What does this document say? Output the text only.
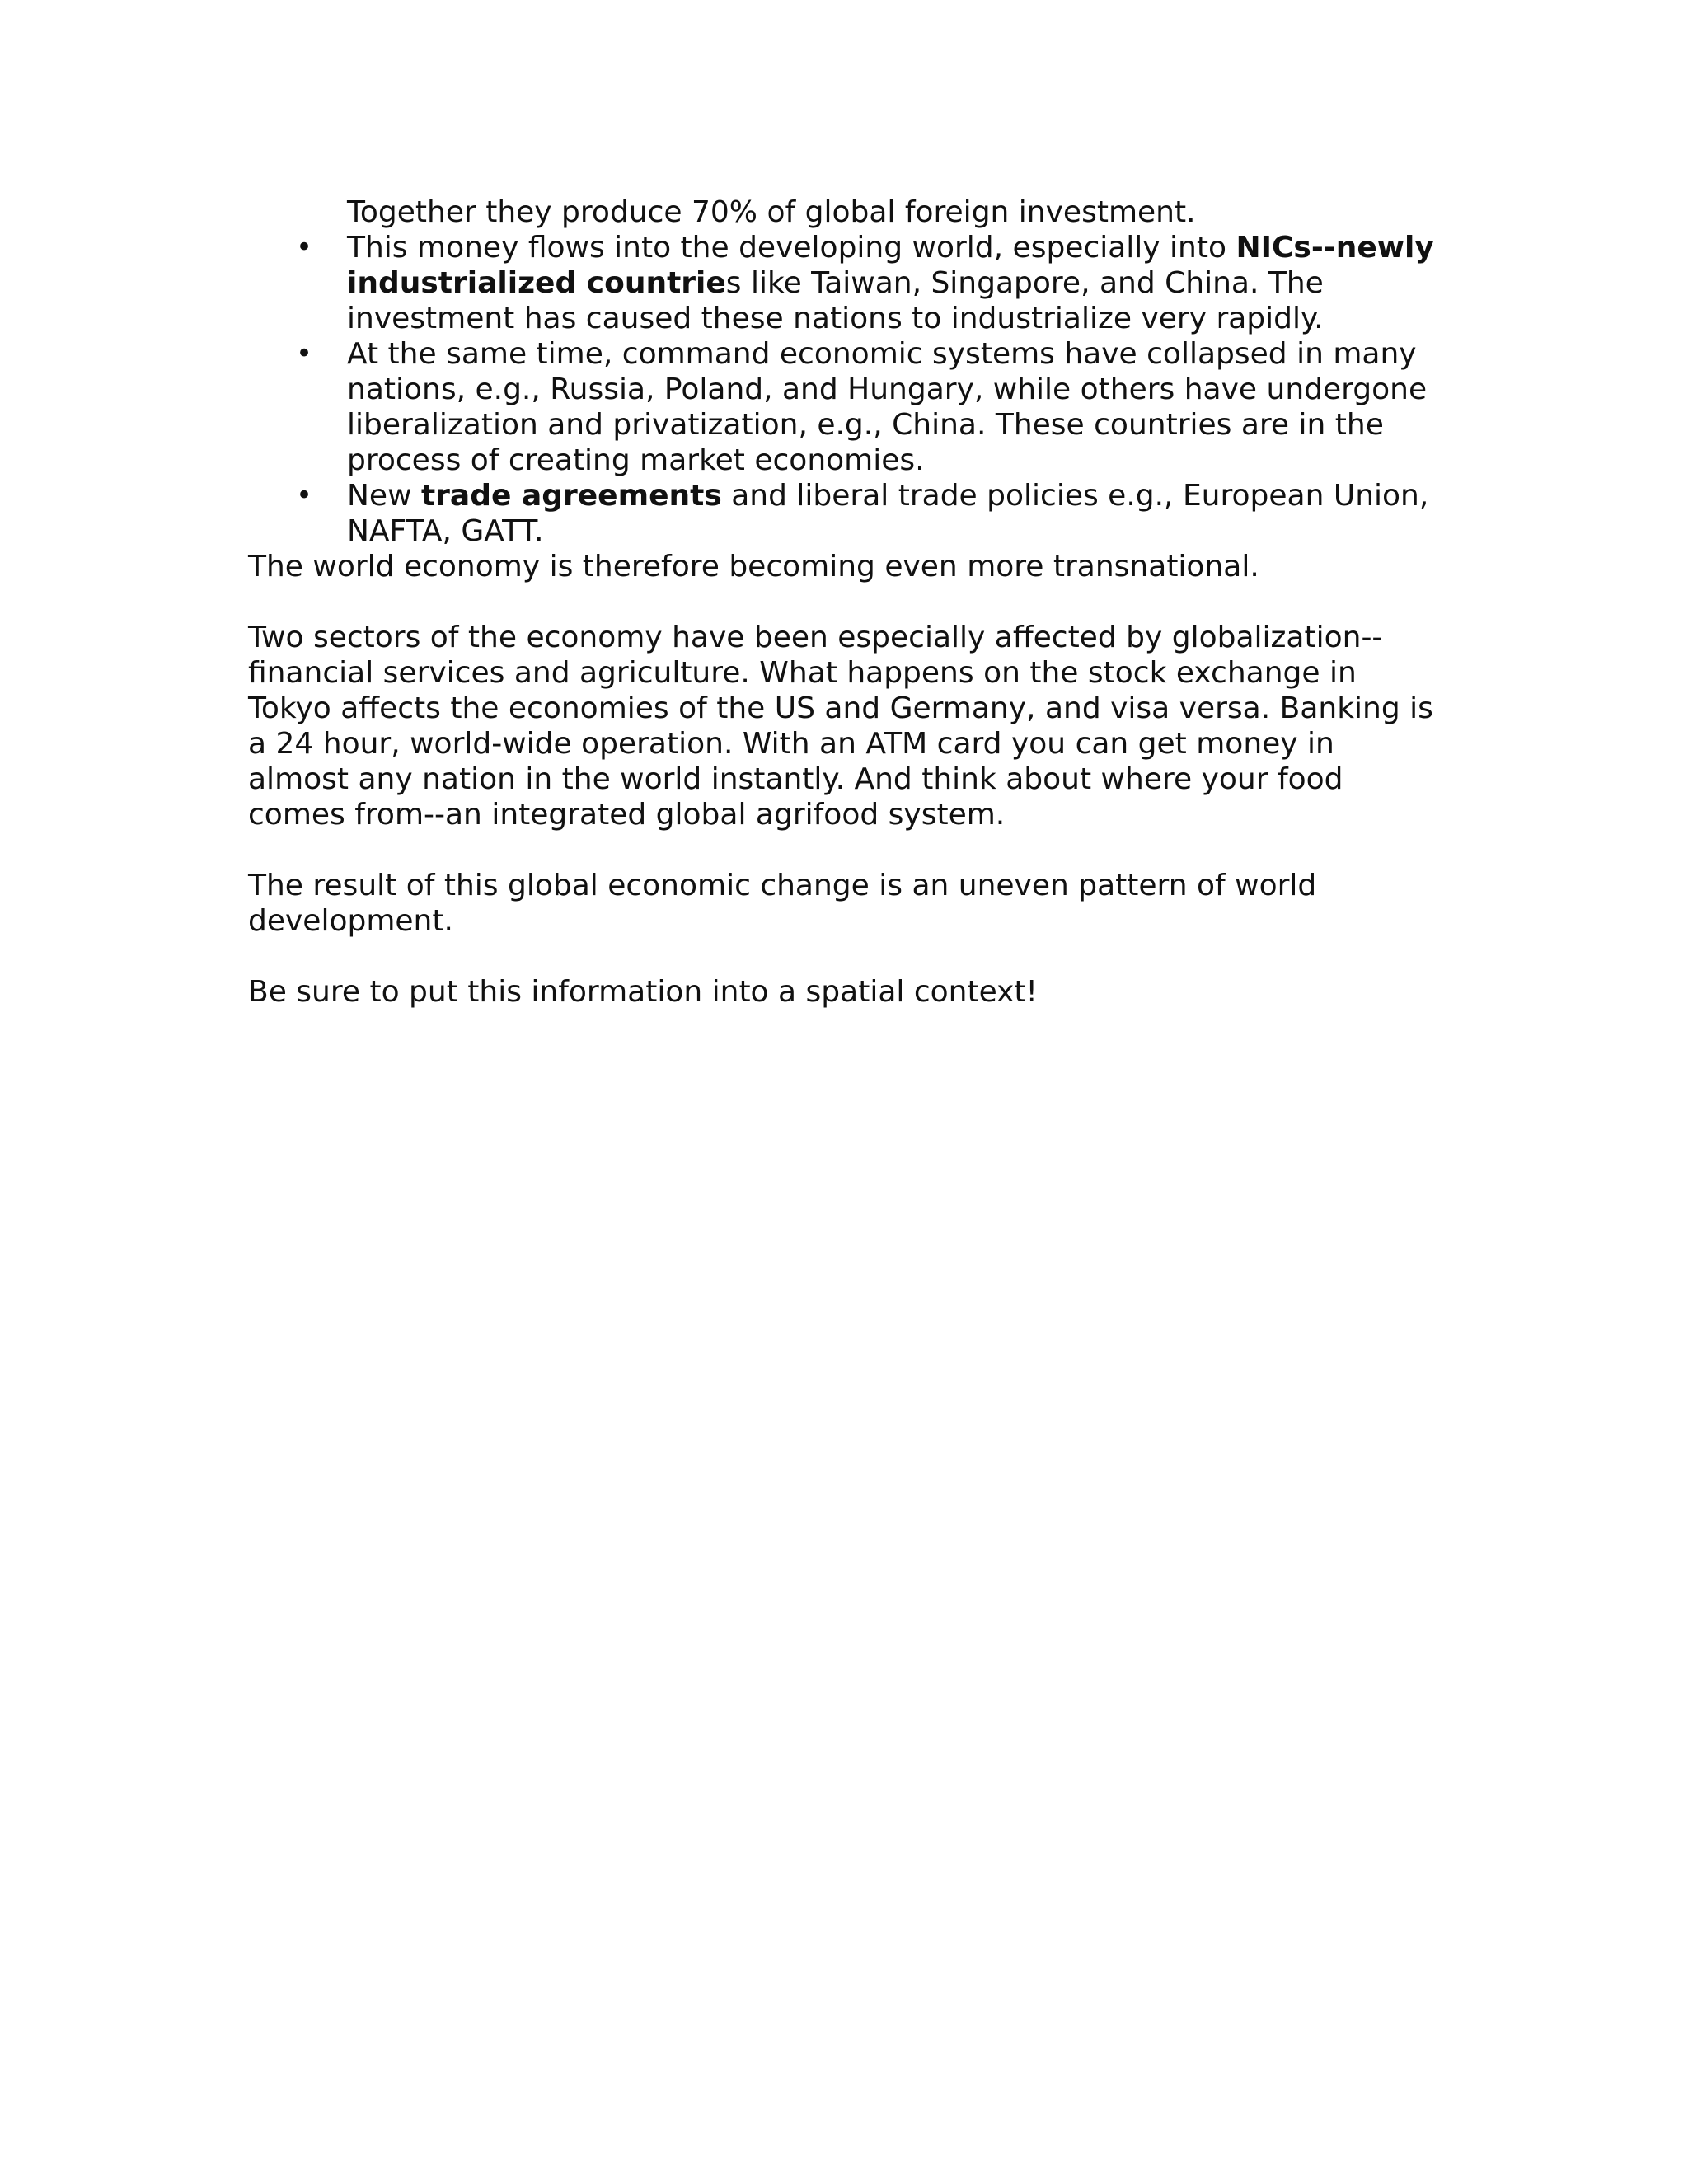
Together they produce 70% of global foreign investment.

• This money flows into the developing world, especially into NICs--newly industrialized countries like Taiwan, Singapore, and China. The investment has caused these nations to industrialize very rapidly.
• At the same time, command economic systems have collapsed in many nations, e.g., Russia, Poland, and Hungary, while others have undergone liberalization and privatization, e.g., China. These countries are in the process of creating market economies.
• New trade agreements and liberal trade policies e.g., European Union, NAFTA, GATT.

The world economy is therefore becoming even more transnational.

Two sectors of the economy have been especially affected by globalization--financial services and agriculture. What happens on the stock exchange in Tokyo affects the economies of the US and Germany, and visa versa. Banking is a 24 hour, world-wide operation. With an ATM card you can get money in almost any nation in the world instantly. And think about where your food comes from--an integrated global agrifood system.

The result of this global economic change is an uneven pattern of world development.

Be sure to put this information into a spatial context!
